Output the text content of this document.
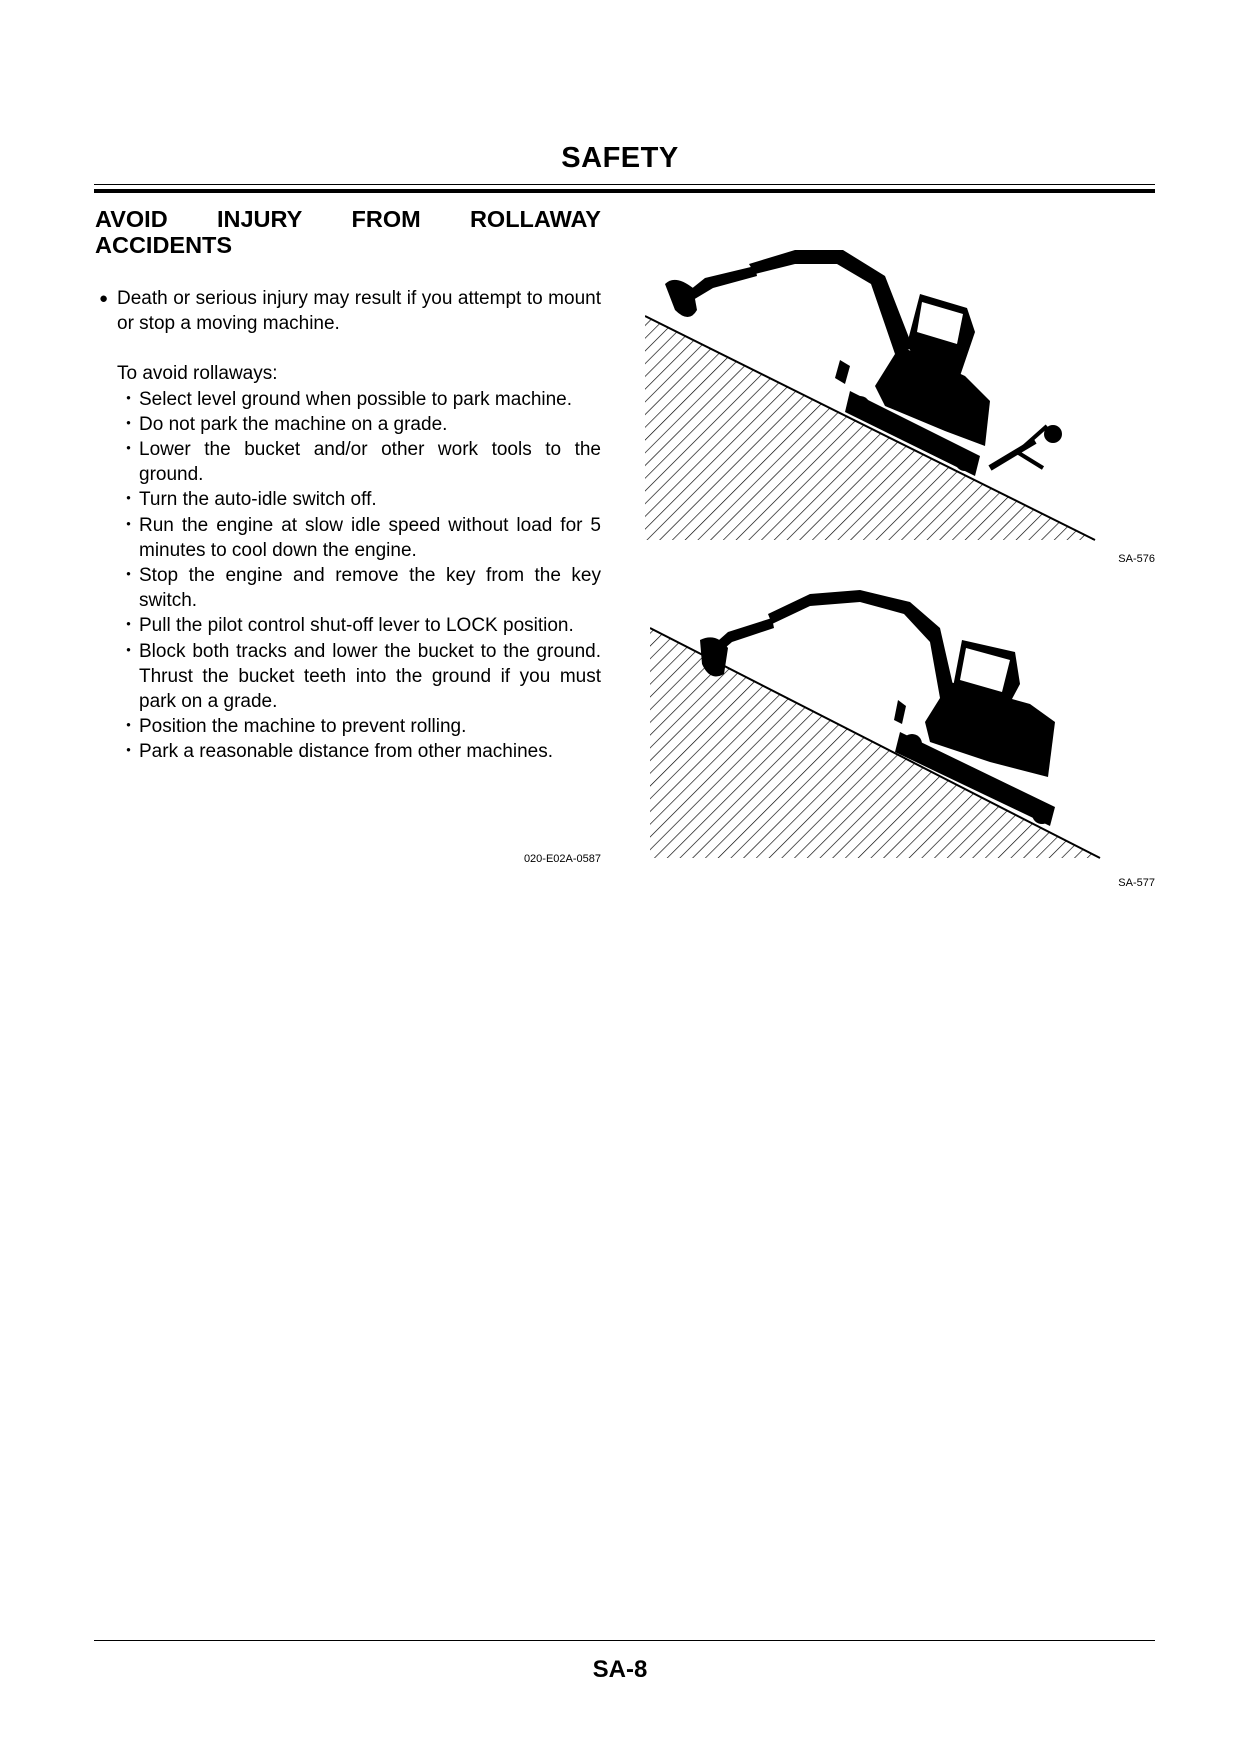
SAFETY
AVOID INJURY FROM ROLLAWAY
ACCIDENTS
● Death or serious injury may result if you attempt to mount or stop a moving machine.
To avoid rollaways:
・ Select level ground when possible to park machine.
・ Do not park the machine on a grade.
・ Lower the bucket and/or other work tools to the ground.
・ Turn the auto-idle switch off.
・ Run the engine at slow idle speed without load for 5 minutes to cool down the engine.
・ Stop the engine and remove the key from the key switch.
・ Pull the pilot control shut-off lever to LOCK position.
・ Block both tracks and lower the bucket to the ground. Thrust the bucket teeth into the ground if you must park on a grade.
・ Position the machine to prevent rolling.
・ Park a reasonable distance from other machines.
020-E02A-0587
SA-576
SA-577
SA-8
